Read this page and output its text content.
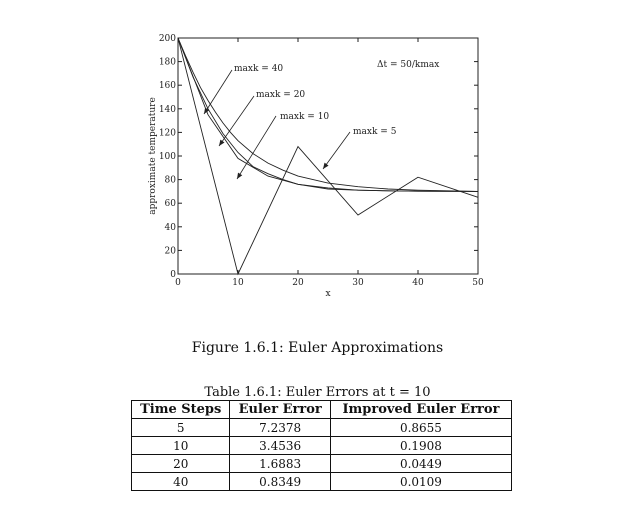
0	10	20	30	40	50
0
20
40
60
80
100
120
140
160
180
200
maxk = 40
maxk = 20
maxk = 10
maxk = 5
Δt = 50/kmax
x
approximate temperature
Figure 1.6.1: Euler Approximations
Table 1.6.1: Euler Errors at t = 10
Time Steps	Euler Error	Improved Euler Error
5	7.2378	0.8655
10	3.4536	0.1908
20	1.6883	0.0449
40	0.8349	0.0109
